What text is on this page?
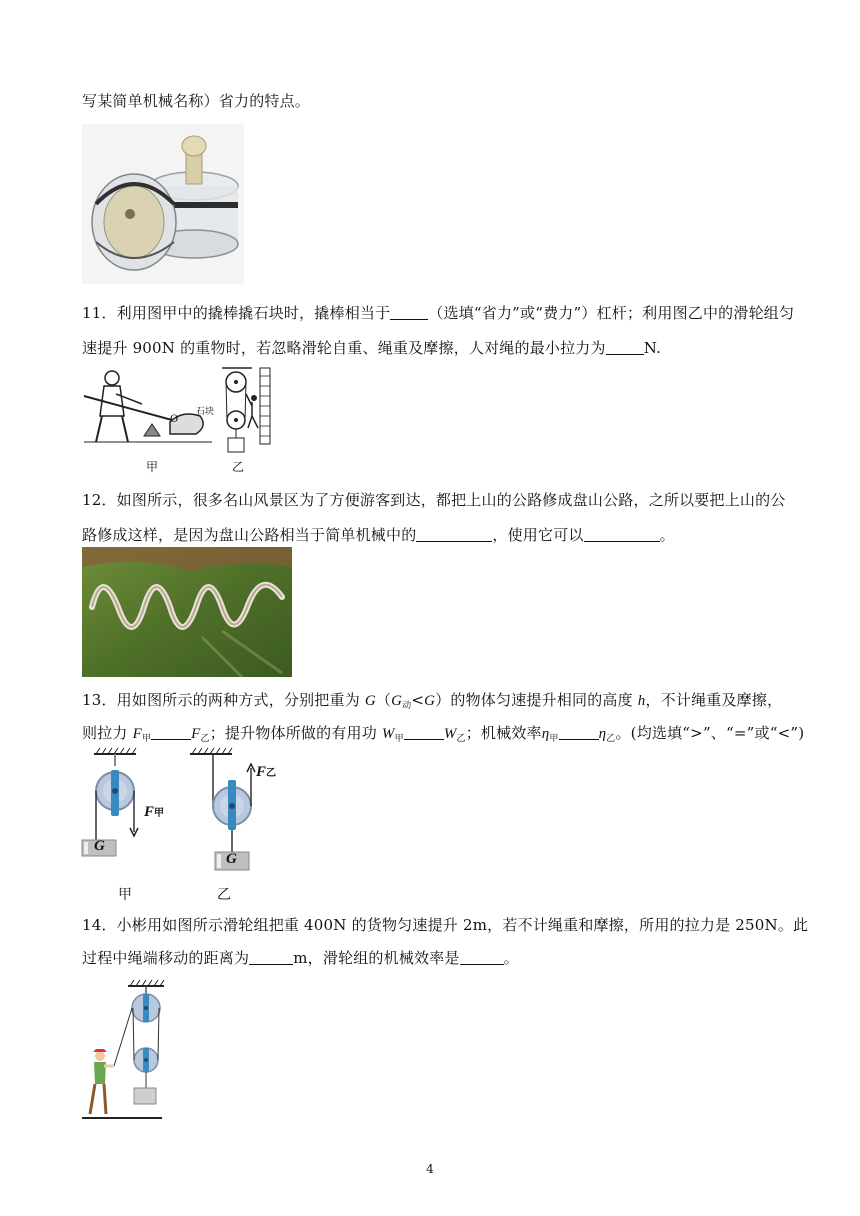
写某简单机械名称）省力的特点。
11．利用图甲中的撬棒撬石块时，撬棒相当于	（选填“省力”或“费力”）杠杆；利用图乙中的滑轮组匀
速提升 900N 的重物时，若忽略滑轮自重、绳重及摩擦，人对绳的最小拉力为	N.
O
石块
甲	乙
12．如图所示，很多名山风景区为了方便游客到达，都把上山的公路修成盘山公路，之所以要把上山的公
路修成这样，是因为盘山公路相当于简单机械中的	，使用它可以	。
13．用如图所示的两种方式，分别把重为 $G(G_动<G)$的物体匀速提升相同的高度 h，不计绳重及摩擦，
则拉力 $F_甲$	$F_乙$；提升物体所做的有用功 $W_甲$	$W_乙$；机械效率$\eta_甲$	$\eta_乙$。(均选填“>”、“=”或“<”)
F甲
F乙
G
G
甲	乙
14．小彬用如图所示滑轮组把重 400N 的货物匀速提升 2m，若不计绳重和摩擦，所用的拉力是 250N。此
过程中绳端移动的距离为	m，滑轮组的机械效率是	。
4
